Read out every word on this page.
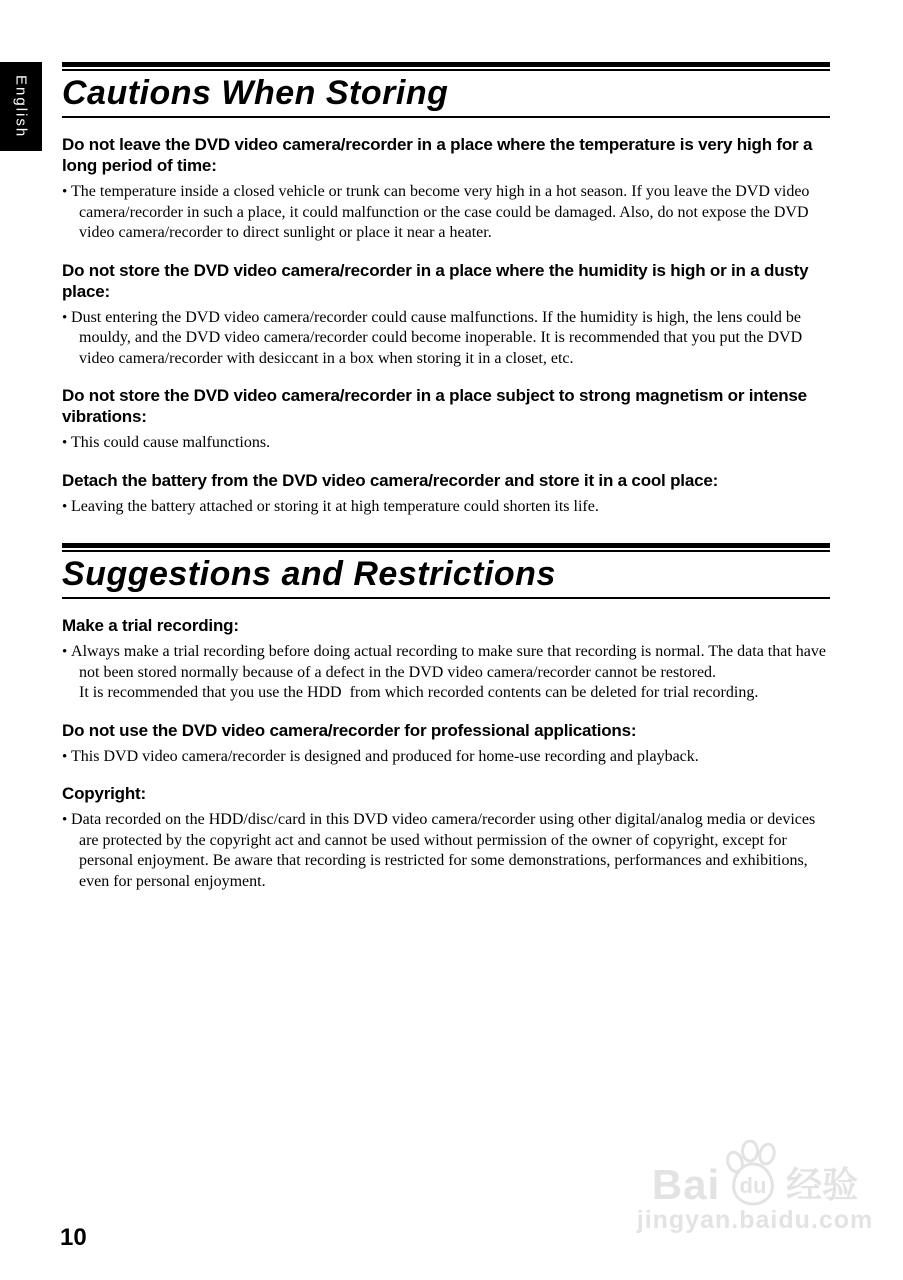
English Cautions When Storing
Do not leave the DVD video camera/recorder in a place where the temperature is very high for a long period of time:

• The temperature inside a closed vehicle or trunk can become very high in a hot season. If you leave the DVD video camera/recorder in such a place, it could malfunction or the case could be damaged. Also, do not expose the DVD video camera/recorder to direct sunlight or place it near a heater.

Do not store the DVD video camera/recorder in a place where the humidity is high or in a dusty place:

• Dust entering the DVD video camera/recorder could cause malfunctions. If the humidity is high, the lens could be mouldy, and the DVD video camera/recorder could become inoperable. It is recommended that you put the DVD video camera/recorder with desiccant in a box when storing it in a closet, etc.

Do not store the DVD video camera/recorder in a place subject to strong magnetism or intense vibrations:

• This could cause malfunctions.

Detach the battery from the DVD video camera/recorder and store it in a cool place:

• Leaving the battery attached or storing it at high temperature could shorten its life.

Suggestions and Restrictions
Make a trial recording:

• Always make a trial recording before doing actual recording to make sure that recording is normal. The data that have not been stored normally because of a defect in the DVD video camera/recorder cannot be restored.

It is recommended that you use the HDD  from which recorded contents can be deleted for trial recording.

Do not use the DVD video camera/recorder for professional applications:

• This DVD video camera/recorder is designed and produced for home-use recording and playback.

Copyright:

• Data recorded on the HDD/disc/card in this DVD video camera/recorder using other digital/analog media or devices are protected by the copyright act and cannot be used without permission of the owner of copyright, except for personal enjoyment. Be aware that recording is restricted for some demonstrations, performances and exhibitions, even for personal enjoyment.

10
Bai du 经验
jingyan.baidu.com
